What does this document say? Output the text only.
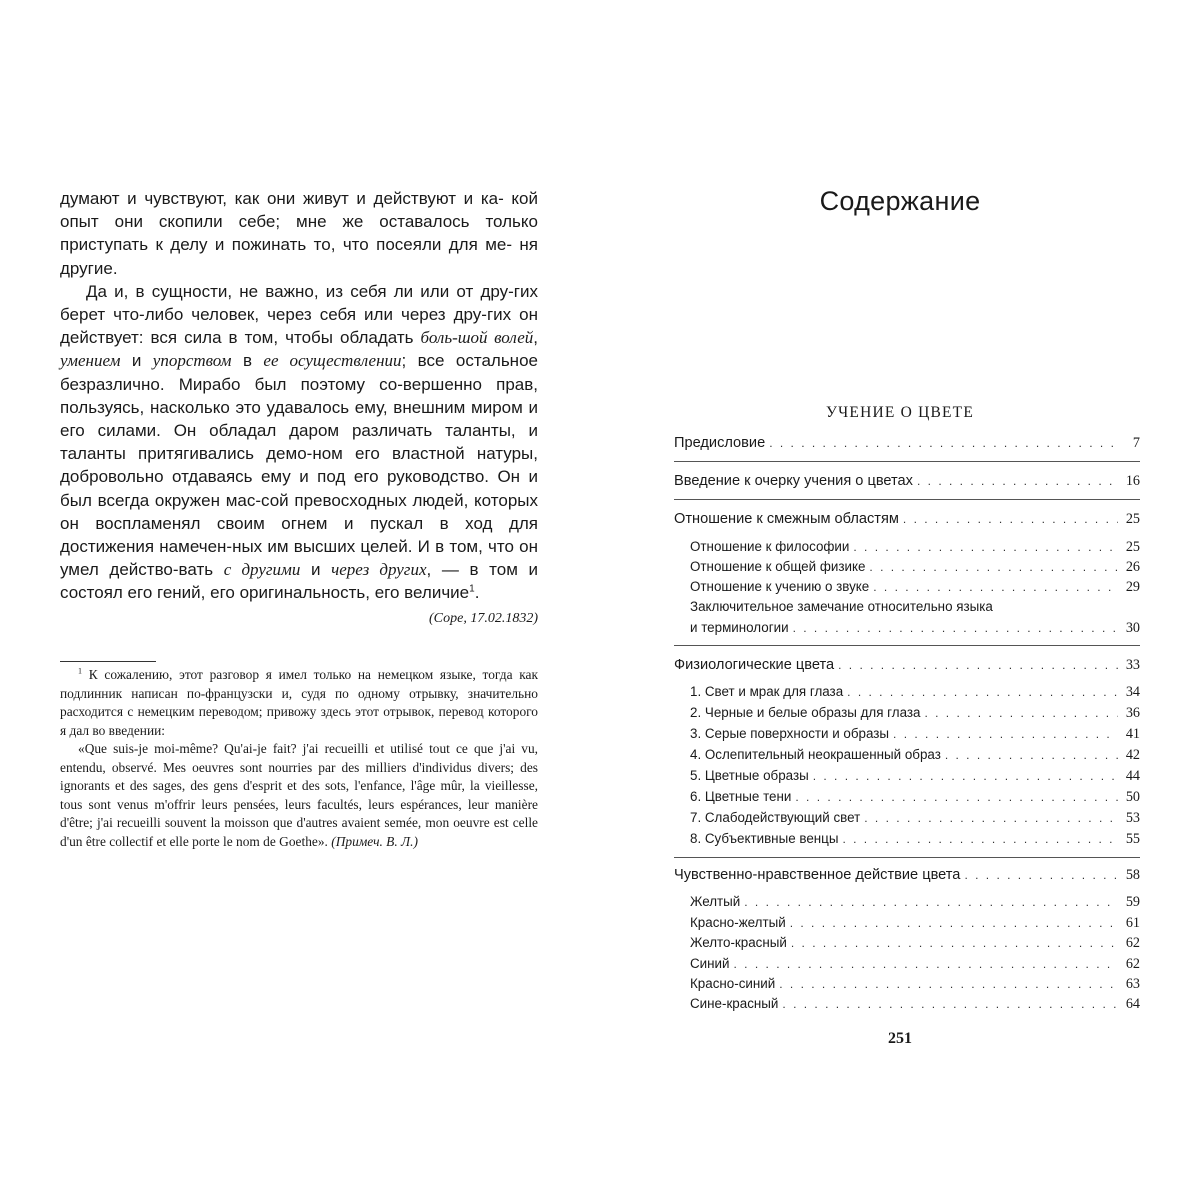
думают и чувствуют, как они живут и действуют и ка- кой опыт они скопили себе; мне же оставалось только приступать к делу и пожинать то, что посеяли для ме- ня другие.

Да и, в сущности, не важно, из себя ли или от дру-гих берет что-либо человек, через себя или через дру-гих он действует: вся сила в том, чтобы обладать боль-шой волей, умением и упорством в ее осуществлении; все остальное безразлично. Мирабо был поэтому со-вершенно прав, пользуясь, насколько это удавалось ему, внешним миром и его силами. Он обладал даром различать таланты, и таланты притягивались демо-ном его властной натуры, добровольно отдаваясь ему и под его руководство. Он и был всегда окружен мас-сой превосходных людей, которых он воспламенял своим огнем и пускал в ход для достижения намечен-ных им высших целей. И в том, что он умел действо-вать с другими и через других, — в том и состоял его гений, его оригинальность, его величие$^1$.

(Соре, 17.02.1832)

$^1$ К сожалению, этот разговор я имел только на немецком языке, тогда как подлинник написан по-французски и, судя по одному отрывку, значительно расходится с немецким переводом; привожу здесь этот отрывок, перевод которого я дал во введении:

«Que suis-je moi-même? Qu'ai-je fait? j'ai recueilli et utilisé tout ce que j'ai vu, entendu, observé. Mes oeuvres sont nourries par des milliers d'individus divers; des ignorants et des sages, des gens d'esprit et des sots, l'enfance, l'âge mûr, la vieillesse, tous sont venus m'offrir leurs pensées, leurs facultés, leurs espérances, leur manière d'être; j'ai recueilli souvent la moisson que d'autres avaient semée, mon oeuvre est celle d'un être collectif et elle porte le nom de Goethe». (Примеч. В. Л.)

Содержание
УЧЕНИЕ О ЦВЕТЕ
Предисловие . . .	7
Введение к очерку учения о цветах . . .	16
Отношение к смежным областям . . .	25
Отношение к философии . . .	25
Отношение к общей физике . . .	26
Отношение к учению о звуке . . .	29
Заключительное замечание относительно языка
и терминологии . . .	30
Физиологические цвета . . .	33
1. Свет и мрак для глаза . . .	34
2. Черные и белые образы для глаза . . .	36
3. Серые поверхности и образы . . .	41
4. Ослепительный неокрашенный образ . . .	42
5. Цветные образы . . .	44
6. Цветные тени . . .	50
7. Слабодействующий свет . . .	53
8. Субъективные венцы . . .	55
Чувственно-нравственное действие цвета . . .	58
Желтый . . .	59
Красно-желтый . . .	61
Желто-красный . . .	62
Синий . . .	62
Красно-синий . . .	63
Сине-красный . . .	64
251
